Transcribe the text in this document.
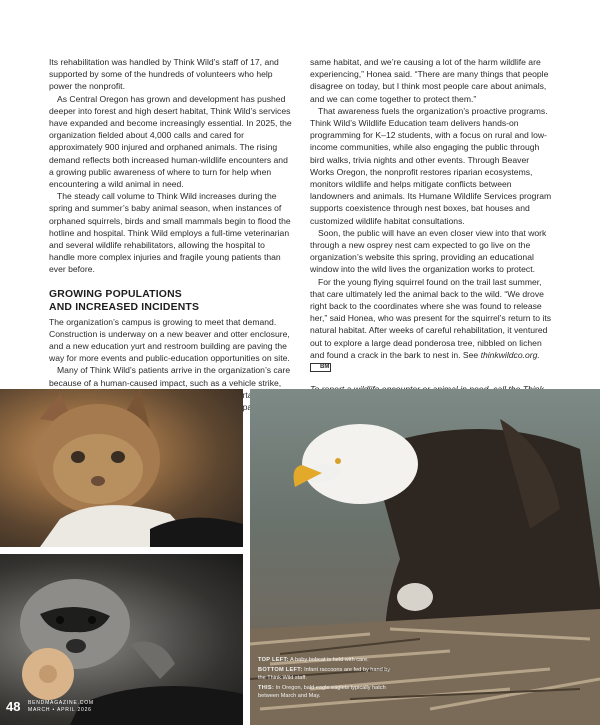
Its rehabilitation was handled by Think Wild’s staff of 17, and supported by some of the hundreds of volunteers who help power the nonprofit.

As Central Oregon has grown and development has pushed deeper into forest and high desert habitat, Think Wild’s services have expanded and become increasingly essential. In 2025, the organization fielded about 4,000 calls and cared for approximately 900 injured and orphaned animals. The rising demand reflects both increased human-wildlife encounters and a growing public awareness of where to turn for help when encountering a wild animal in need.

The steady call volume to Think Wild increases during the spring and summer’s baby animal season, when instances of orphaned squirrels, birds and small mammals begin to flood the hotline and hospital. Think Wild employs a full-time veterinarian and several wildlife rehabilitators, allowing the hospital to handle more complex injuries and fragile young patients than ever before.

GROWING POPULATIONS
AND INCREASED INCIDENTS

The organization’s campus is growing to meet that demand. Construction is underway on a new beaver and otter enclosure, and a new education yurt and restroom building are paving the way for more events and public-education opportunities on site.

Many of Think Wild’s patients arrive in the organization’s care because of a human-caused impact, such as a vehicle strike, importance

same habitat, and we’re causing a lot of the harm wildlife are experiencing,” Honea said. “There are many things that people disagree on today, but I think most people care about animals, and we can come together to protect them.”

That awareness fuels the organization’s proactive programs. Think Wild’s Wildlife Education team delivers hands-on programming for K–12 students, with a focus on rural and low-income communities, while also engaging the public through bird walks, trivia nights and other events. Through Beaver Works Oregon, the nonprofit restores riparian ecosystems, monitors wildlife and helps mitigate conflicts between landowners and animals. Its Humane Wildlife Services program supports coexistence through nest boxes, bat houses and customized wildlife habitat consultations.

Soon, the public will have an even closer view into that work through a new osprey nest cam expected to go live on the organization’s website this spring, providing an educational window into the wild lives the organization works to protect.

For the young flying squirrel found on the trail last summer, that care ultimately led the animal back to the wild. “We drove right back to the coordinates where she was found to release her,” said Honea, who was present for the squirrel’s return to its natural habitat. After weeks of careful rehabilitation, it ventured out to explore a large dead ponderosa tree, nibbled on lichen and found a crack in the bark to nest in. See thinkwildco.org. BM

TOP LEFT: A baby bobcat is held with care.
BOTTOM LEFT: Infant raccoons are fed by hand by the Think Wild staff.
THIS: In Oregon, bald eagle eaglets typically hatch between March and May.
48 BENDMAGAZINE.COM
MARCH • APRIL 2026
